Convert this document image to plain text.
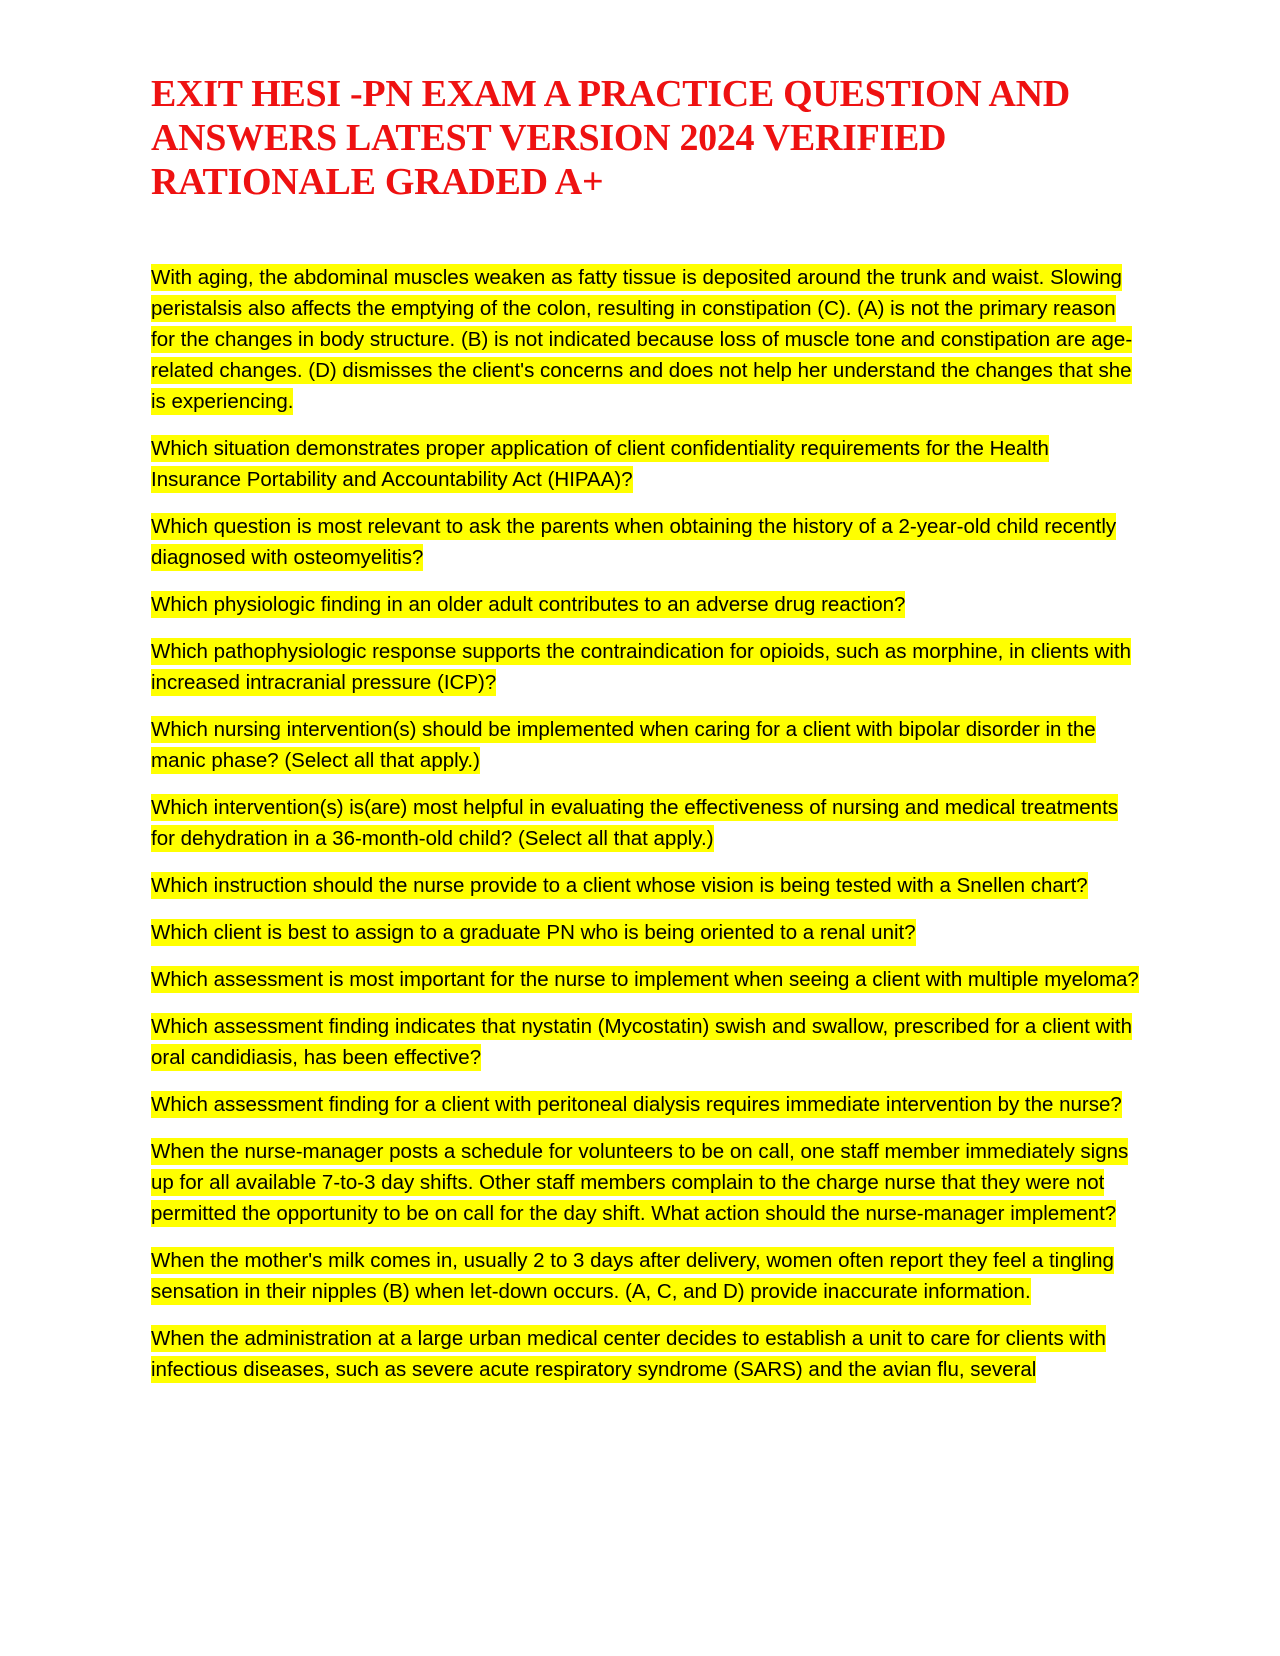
EXIT HESI -PN EXAM A PRACTICE QUESTION AND ANSWERS LATEST VERSION 2024 VERIFIED RATIONALE GRADED A+

With aging, the abdominal muscles weaken as fatty tissue is deposited around the trunk and waist. Slowing peristalsis also affects the emptying of the colon, resulting in constipation (C). (A) is not the primary reason for the changes in body structure. (B) is not indicated because loss of muscle tone and constipation are age-related changes. (D) dismisses the client's concerns and does not help her understand the changes that she is experiencing.

Which situation demonstrates proper application of client confidentiality requirements for the Health Insurance Portability and Accountability Act (HIPAA)?

Which question is most relevant to ask the parents when obtaining the history of a 2-year-old child recently diagnosed with osteomyelitis?

Which physiologic finding in an older adult contributes to an adverse drug reaction?

Which pathophysiologic response supports the contraindication for opioids, such as morphine, in clients with increased intracranial pressure (ICP)?

Which nursing intervention(s) should be implemented when caring for a client with bipolar disorder in the manic phase? (Select all that apply.)

Which intervention(s) is(are) most helpful in evaluating the effectiveness of nursing and medical treatments for dehydration in a 36-month-old child? (Select all that apply.)

Which instruction should the nurse provide to a client whose vision is being tested with a Snellen chart?

Which client is best to assign to a graduate PN who is being oriented to a renal unit?

Which assessment is most important for the nurse to implement when seeing a client with multiple myeloma?

Which assessment finding indicates that nystatin (Mycostatin) swish and swallow, prescribed for a client with oral candidiasis, has been effective?

Which assessment finding for a client with peritoneal dialysis requires immediate intervention by the nurse?

When the nurse-manager posts a schedule for volunteers to be on call, one staff member immediately signs up for all available 7-to-3 day shifts. Other staff members complain to the charge nurse that they were not permitted the opportunity to be on call for the day shift. What action should the nurse-manager implement?

When the mother's milk comes in, usually 2 to 3 days after delivery, women often report they feel a tingling sensation in their nipples (B) when let-down occurs. (A, C, and D) provide inaccurate information.

When the administration at a large urban medical center decides to establish a unit to care for clients with infectious diseases, such as severe acute respiratory syndrome (SARS) and the avian flu, several
